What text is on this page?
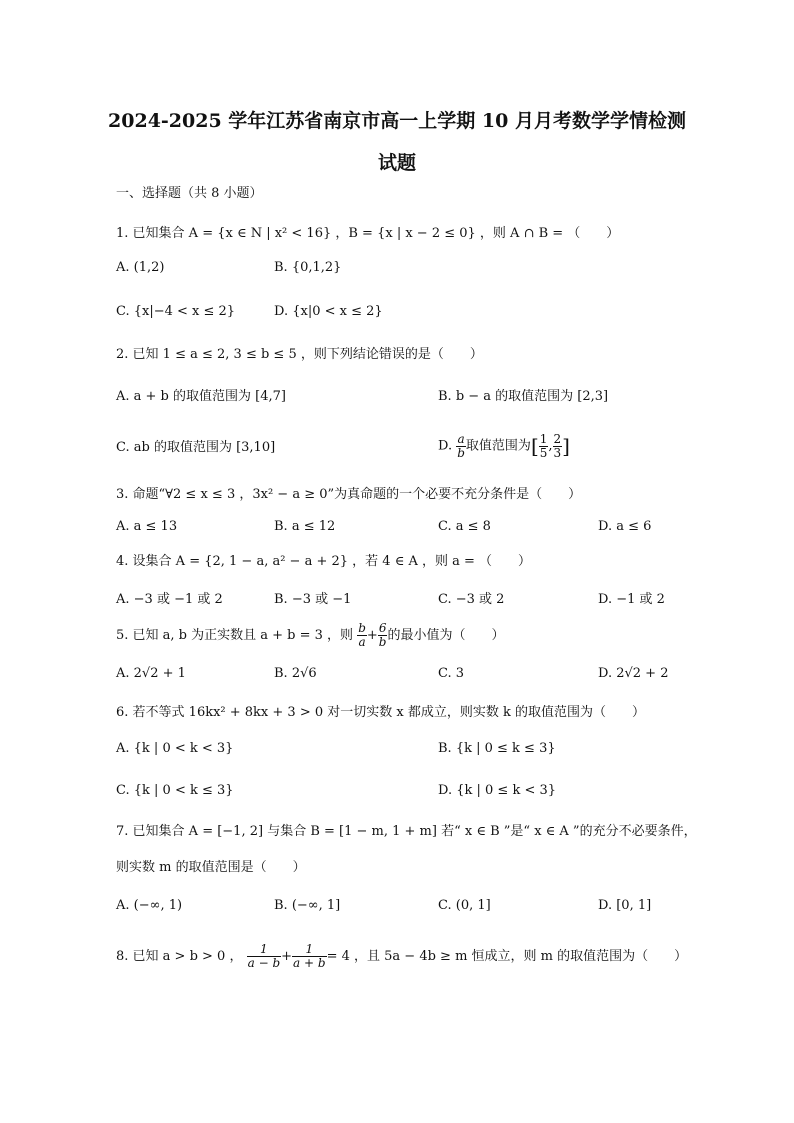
2024-2025 学年江苏省南京市高一上学期 10 月月考数学学情检测
试题
一、选择题（共 8 小题）
1. 已知集合 A = {x ∈ N | x² < 16} ，B = {x | x − 2 ≤ 0} ，则 A ∩ B = （　　）
A. (1,2)	B. {0,1,2}
C. {x|−4 < x ≤ 2}	D. {x|0 < x ≤ 2}
2. 已知 1 ≤ a ≤ 2, 3 ≤ b ≤ 5 ，则下列结论错误的是（　　）
A. a + b 的取值范围为 [4,7]	B. b − a 的取值范围为 [2,3]
C. ab 的取值范围为 [3,10]	D. $\frac{a}{b}$ 取值范围为[ $\frac{1}{5}$ , $\frac{2}{3}$ ]
3. 命题“∀2 ≤ x ≤ 3 ，3x² − a ≥ 0”为真命题的一个必要不充分条件是（　　）
A. a ≤ 13	B. a ≤ 12	C. a ≤ 8	D. a ≤ 6
4. 设集合 A = {2, 1 − a, a² − a + 2} ，若 4 ∈ A ，则 a = （　　）
A. −3 或 −1 或 2	B. −3 或 −1	C. −3 或 2	D. −1 或 2
5. 已知 a, b 为正实数且 a + b = 3 ，则 $\frac{b}{a} + \frac{6}{b}$ 的最小值为（　　）
A. 2√2 + 1	B. 2√6	C. 3	D. 2√2 + 2
6. 若不等式 16kx² + 8kx + 3 > 0 对一切实数 x 都成立，则实数 k 的取值范围为（　　）
A. {k | 0 < k < 3}	B. {k | 0 ≤ k ≤ 3}
C. {k | 0 < k ≤ 3}	D. {k | 0 ≤ k < 3}
7. 已知集合 A = [−1, 2] 与集合 B = [1 − m, 1 + m] 若“ x ∈ B ”是“ x ∈ A ”的充分不必要条件，
则实数 m 的取值范围是（　　）
A. (−∞, 1)	B. (−∞, 1]	C. (0, 1]	D. [0, 1]
8. 已知 a > b > 0 ， $\frac{1}{a - b} + \frac{1}{a + b} = 4$ ，且 5a − 4b ≥ m 恒成立，则 m 的取值范围为（　　）
